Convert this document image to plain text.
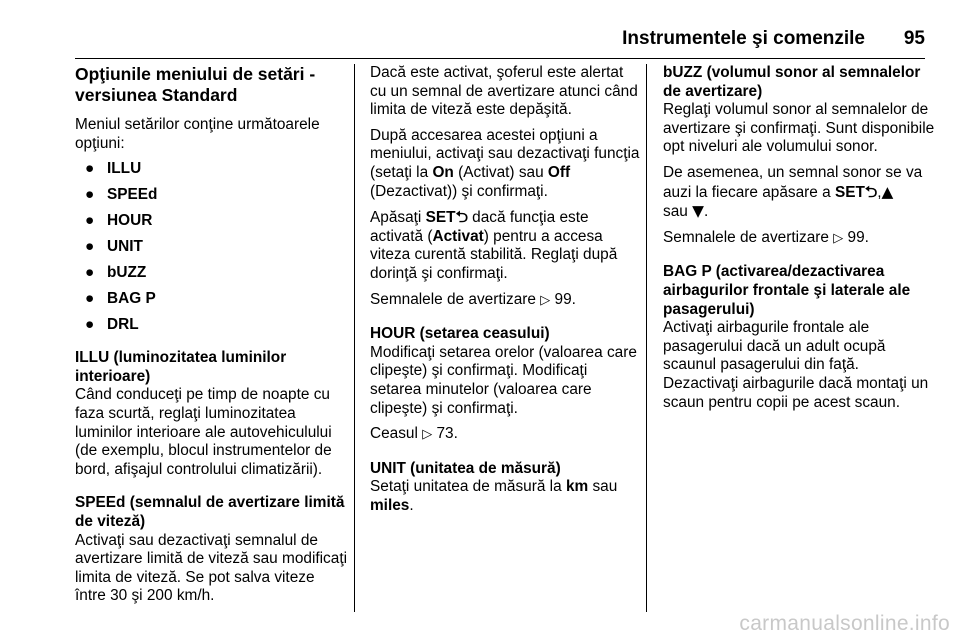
Instrumentele şi comenzile 95
Opţiunile meniului de setări - versiunea Standard

Meniul setărilor conţine următoarele opţiuni:

● ILLU
● SPEEd
● HOUR
● UNIT
● bUZZ
● BAG P
● DRL
ILLU (luminozitatea luminilor interioare)

Când conduceţi pe timp de noapte cu faza scurtă, reglaţi luminozitatea luminilor interioare ale autovehiculului (de exemplu, blocul instrumentelor de bord, afişajul controlului climatizării).

SPEEd (semnalul de avertizare limită de viteză)

Activaţi sau dezactivaţi semnalul de avertizare limită de viteză sau modificaţi limita de viteză. Se pot salva viteze între 30 şi 200 km/h.

Dacă este activat, şoferul este alertat cu un semnal de avertizare atunci când limita de viteză este depăşită.

După accesarea acestei opţiuni a meniului, activaţi sau dezactivaţi funcţia (setaţi la On (Activat) sau Off (Dezactivat)) şi confirmaţi.

Apăsaţi SET⮌ dacă funcţia este activată (Activat) pentru a accesa viteza curentă stabilită. Reglaţi după dorinţă şi confirmaţi.

Semnalele de avertizare ▷ 99.

HOUR (setarea ceasului)

Modificaţi setarea orelor (valoarea care clipeşte) şi confirmaţi. Modificaţi setarea minutelor (valoarea care clipeşte) şi confirmaţi.

Ceasul ▷ 73.

UNIT (unitatea de măsură)

Setaţi unitatea de măsură la km sau miles.

bUZZ (volumul sonor al semnalelor de avertizare)

Reglaţi volumul sonor al semnalelor de avertizare şi confirmaţi. Sunt disponibile opt niveluri ale volumului sonor.

De asemenea, un semnal sonor se va auzi la fiecare apăsare a SET⮌,▲
sau ▼.

Semnalele de avertizare ▷ 99.

BAG P (activarea/dezactivarea airbagurilor frontale şi laterale ale pasagerului)

Activaţi airbagurile frontale ale pasagerului dacă un adult ocupă scaunul pasagerului din faţă. Dezactivaţi airbagurile dacă montaţi un scaun pentru copii pe acest scaun.

carmanualsonline.info
